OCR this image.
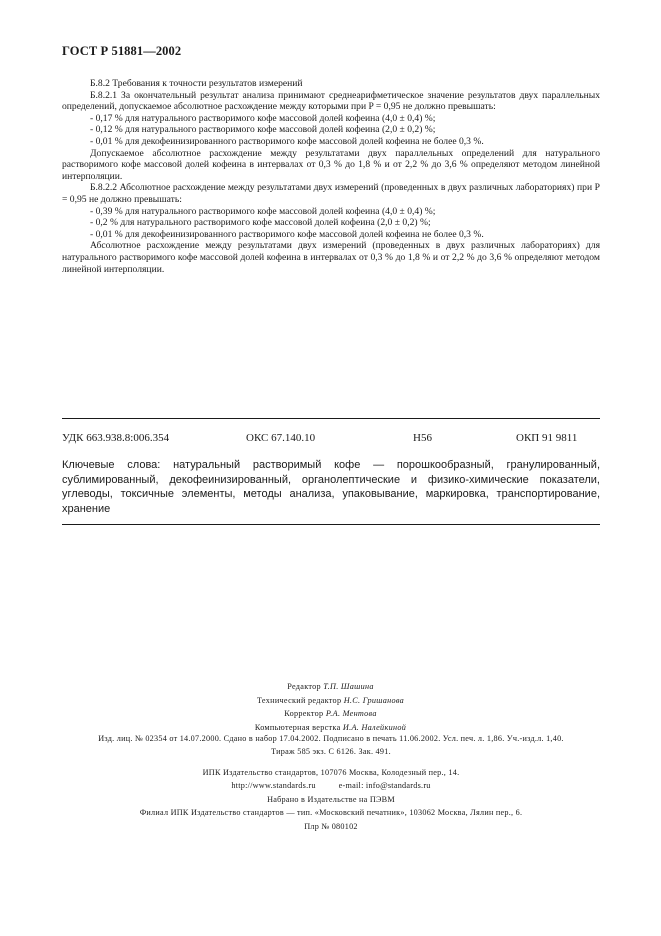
ГОСТ Р 51881—2002

Б.8.2 Требования к точности результатов измерений

Б.8.2.1 За окончательный результат анализа принимают среднеарифметическое значение результатов двух параллельных определений, допускаемое абсолютное расхождение между которыми при P = 0,95 не должно превышать:

- 0,17 % для натурального растворимого кофе массовой долей кофеина (4,0 ± 0,4) %;

- 0,12 % для натурального растворимого кофе массовой долей кофеина (2,0 ± 0,2) %;

- 0,01 % для декофеинизированного растворимого кофе массовой долей кофеина не более 0,3 %.

Допускаемое абсолютное расхождение между результатами двух параллельных определений для натурального растворимого кофе массовой долей кофеина в интервалах от 0,3 % до 1,8 % и от 2,2 % до 3,6 % определяют методом линейной интерполяции.

Б.8.2.2 Абсолютное расхождение между результатами двух измерений (проведенных в двух различных лабораториях) при P = 0,95 не должно превышать:

- 0,39 % для натурального растворимого кофе массовой долей кофеина (4,0 ± 0,4) %;

- 0,2 % для натурального растворимого кофе массовой долей кофеина (2,0 ± 0,2) %;

- 0,01 % для декофеинизированного растворимого кофе массовой долей кофеина не более 0,3 %.

Абсолютное расхождение между результатами двух измерений (проведенных в двух различных лабораториях) для натурального растворимого кофе массовой долей кофеина в интервалах от 0,3 % до 1,8 % и от 2,2 % до 3,6 % определяют методом линейной интерполяции.

УДК 663.938.8:006.354	ОКС 67.140.10	Н56	ОКП 91 9811
Ключевые слова: натуральный растворимый кофе — порошкообразный, гранулированный, сублимированный, декофеинизированный, органолептические и физико-химические показатели, углеводы, токсичные элементы, методы анализа, упаковывание, маркировка, транспортирование, хранение
Редактор Т.П. Шашина
Технический редактор Н.С. Гришанова
Корректор Р.А. Ментова
Компьютерная верстка И.А. Налейкиной
Изд. лиц. № 02354 от 14.07.2000. Сдано в набор 17.04.2002. Подписано в печать 11.06.2002. Усл. печ. л. 1,86. Уч.-изд.л. 1,40.
Тираж 585 экз. С 6126. Зак. 491.
ИПК Издательство стандартов, 107076 Москва, Колодезный пер., 14.
http://www.standards.ru          e-mail: info@standards.ru
Набрано в Издательстве на ПЭВМ
Филиал ИПК Издательство стандартов — тип. «Московский печатник», 103062 Москва, Лялин пер., 6.
Плр № 080102
